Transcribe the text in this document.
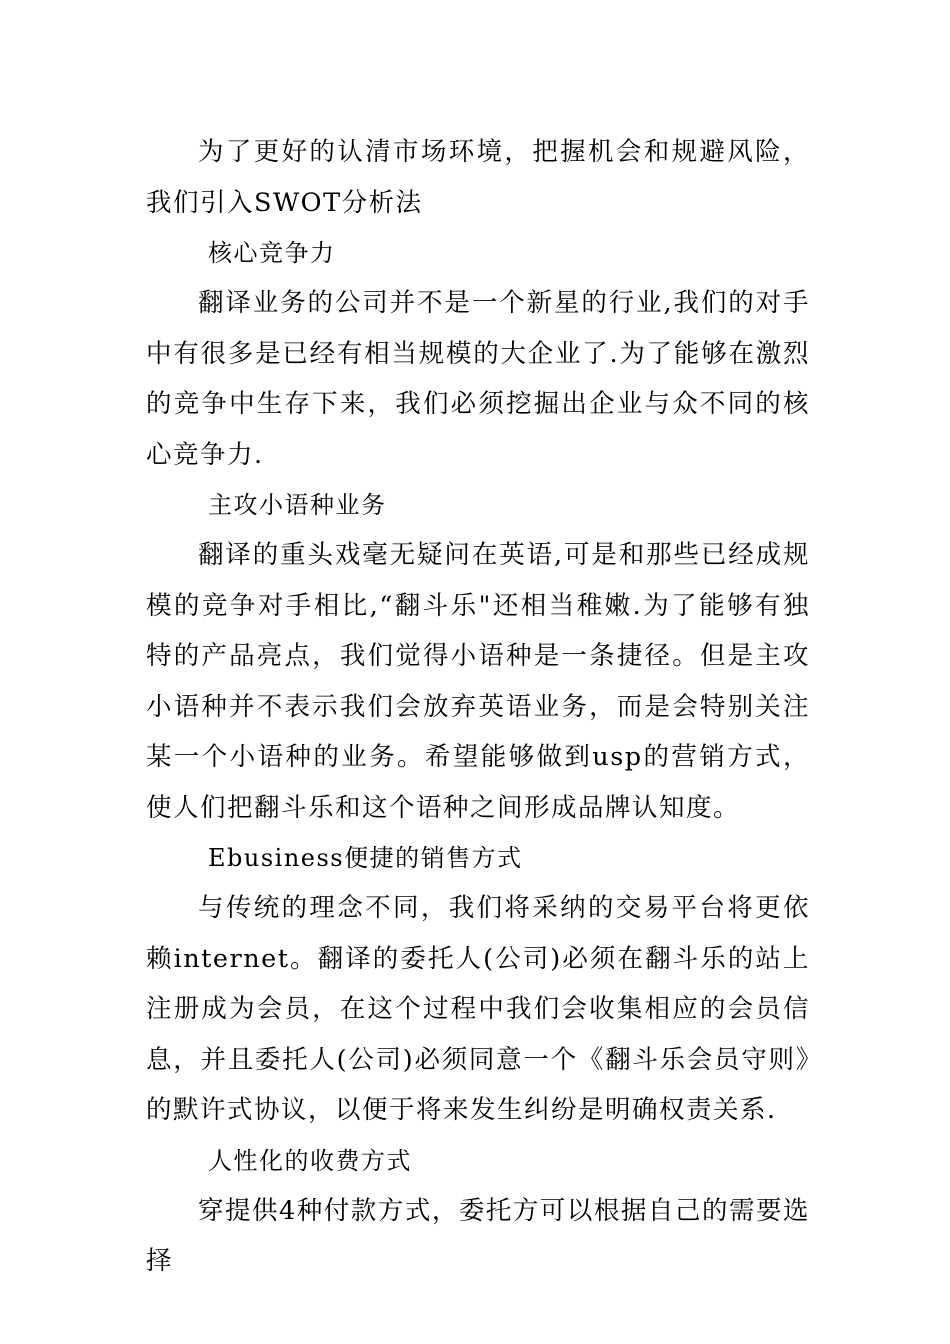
为了更好的认清市场环境，把握机会和规避风险，我们引入SWOT分析法

核心竞争力

翻译业务的公司并不是一个新星的行业,我们的对手中有很多是已经有相当规模的大企业了.为了能够在激烈的竞争中生存下来，我们必须挖掘出企业与众不同的核心竞争力.

主攻小语种业务

翻译的重头戏毫无疑问在英语,可是和那些已经成规模的竞争对手相比,“翻斗乐"还相当稚嫩.为了能够有独特的产品亮点，我们觉得小语种是一条捷径。但是主攻小语种并不表示我们会放弃英语业务，而是会特别关注某一个小语种的业务。希望能够做到usp的营销方式，使人们把翻斗乐和这个语种之间形成品牌认知度。

Ebusiness便捷的销售方式

与传统的理念不同，我们将采纳的交易平台将更依赖internet。翻译的委托人(公司)必须在翻斗乐的站上注册成为会员，在这个过程中我们会收集相应的会员信息，并且委托人(公司)必须同意一个《翻斗乐会员守则》的默许式协议，以便于将来发生纠纷是明确权责关系.

人性化的收费方式

穿提供4种付款方式，委托方可以根据自己的需要选择
